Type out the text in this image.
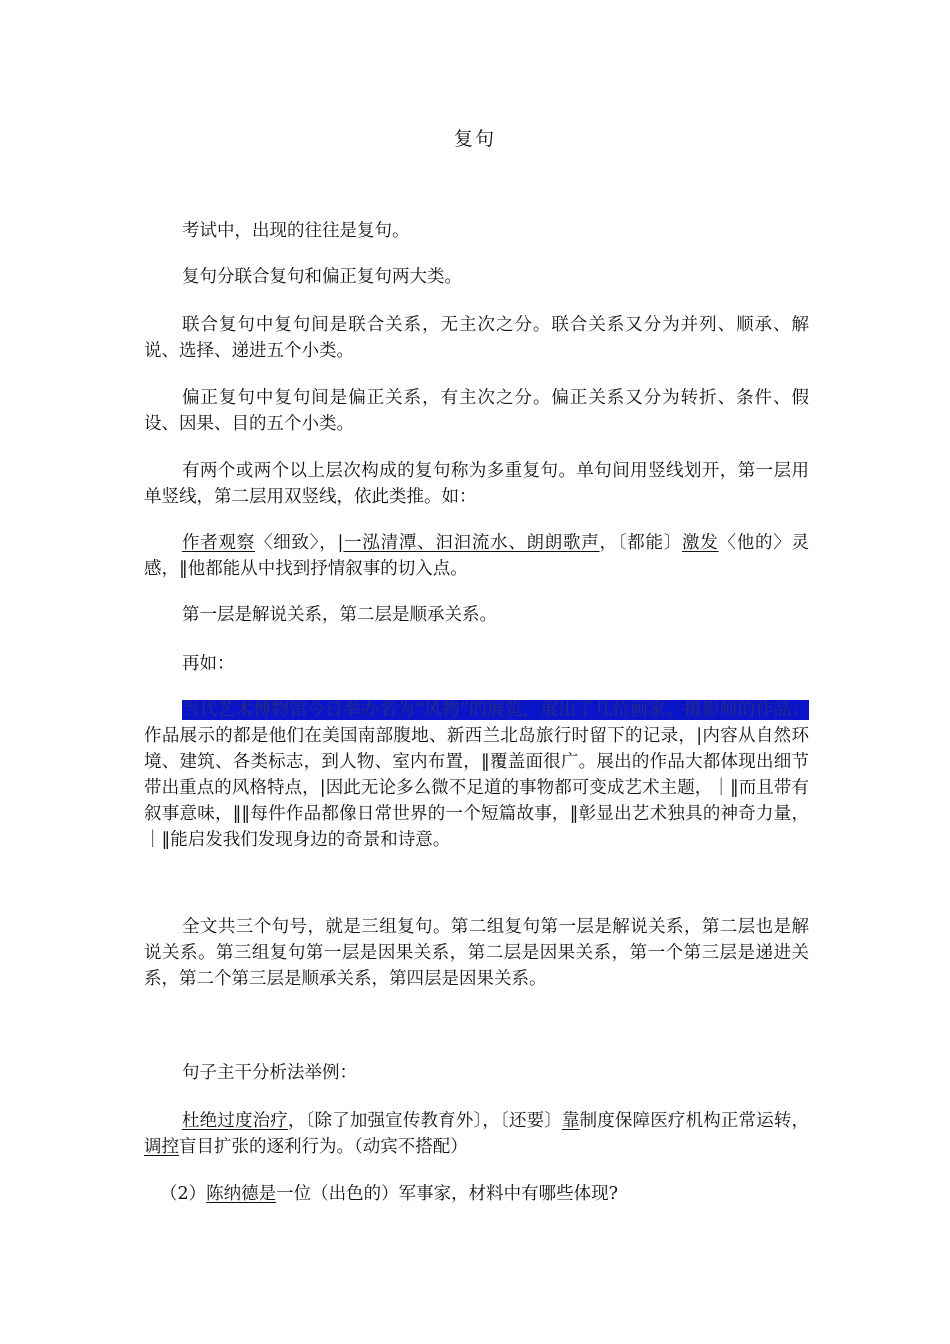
复句

考试中，出现的往往是复句。

复句分联合复句和偏正复句两大类。

联合复句中复句间是联合关系，无主次之分。联合关系又分为并列、顺承、解说、选择、递进五个小类。

偏正复句中复句间是偏正关系，有主次之分。偏正关系又分为转折、条件、假设、因果、目的五个小类。

有两个或两个以上层次构成的复句称为多重复句。单句间用竖线划开，第一层用单竖线，第二层用双竖线，依此类推。如：

作者观察〈细致〉，|一泓清潭、汩汩流水、朗朗歌声，〔都能〕激发〈他的〉灵感，‖他都能从中找到抒情叙事的切入点。

第一层是解说关系，第二层是顺承关系。

再如：

当代艺术博物馆今日举办名为“风物”的展览，展出了几位画家、摄影师的作品：作品展示的都是他们在美国南部腹地、新西兰北岛旅行时留下的记录，|内容从自然环境、建筑、各类标志，到人物、室内布置，‖覆盖面很广。展出的作品大都体现出细节带出重点的风格特点，|因此无论多么微不足道的事物都可变成艺术主题，｜‖而且带有叙事意味，‖‖每件作品都像日常世界的一个短篇故事，‖彰显出艺术独具的神奇力量，｜‖能启发我们发现身边的奇景和诗意。

全文共三个句号，就是三组复句。第二组复句第一层是解说关系，第二层也是解说关系。第三组复句第一层是因果关系，第二层是因果关系，第一个第三层是递进关系，第二个第三层是顺承关系，第四层是因果关系。

句子主干分析法举例：

杜绝过度治疗，〔除了加强宣传教育外〕，〔还要〕靠制度保障医疗机构正常运转，调控盲目扩张的逐利行为。（动宾不搭配）

（2）陈纳德是一位（出色的）军事家，材料中有哪些体现?
